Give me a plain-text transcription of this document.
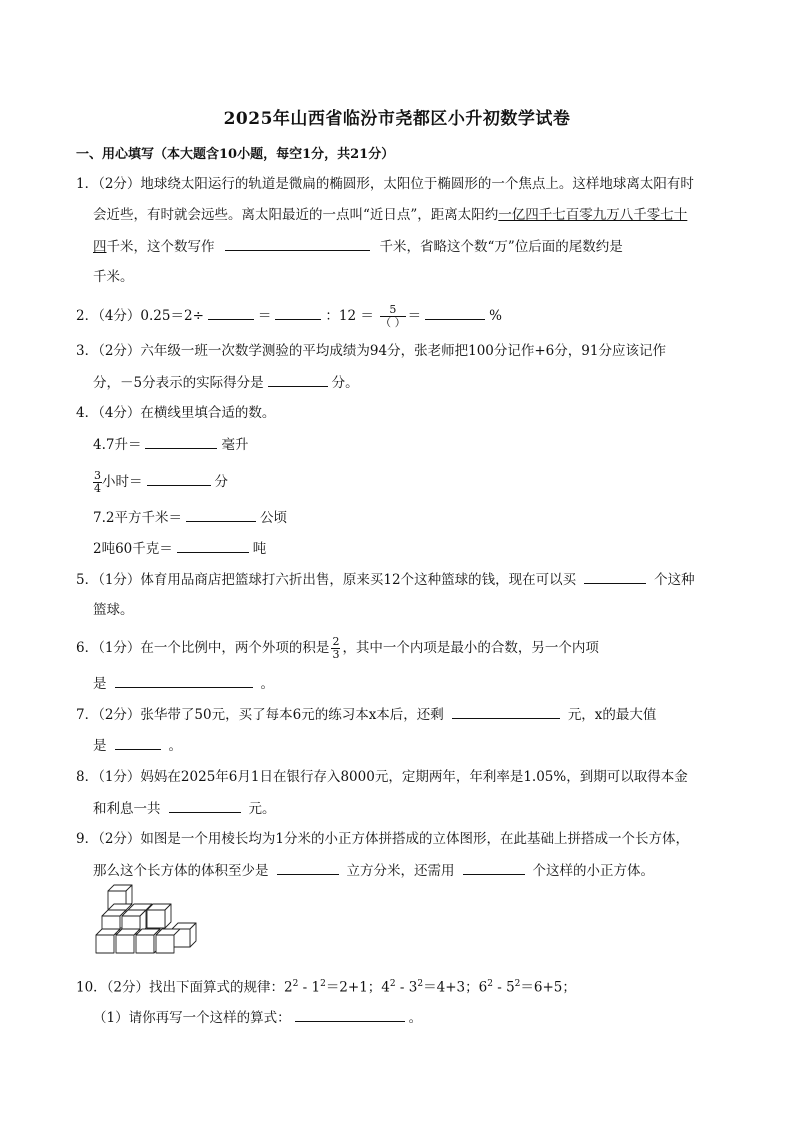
2025年山西省临汾市尧都区小升初数学试卷
一、用心填写（本大题含10小题，每空1分，共21分）
1．（2分）地球绕太阳运行的轨道是微扁的椭圆形，太阳位于椭圆形的一个焦点上。这样地球离太阳有时
会近些，有时就会远些。离太阳最近的一点叫“近日点”，距离太阳约一亿四千七百零九万八千零七十
四千米，这个数写作	千米，省略这个数“万”位后面的尾数约是
千米。
2．（4分）0.25＝2÷	＝	：$12 = \frac{5}{( )}$ ＝	%
3．（2分）六年级一班一次数学测验的平均成绩为94分，张老师把100分记作+6分，91分应该记作
分，－5分表示的实际得分是	分。
4．（4分）在横线里填合适的数。
4.7升＝	毫升
$\frac{3}{4}$ 小时＝	分
7.2平方千米＝	公顷
2吨60千克＝	吨
5．（1分）体育用品商店把篮球打六折出售，原来买12个这种篮球的钱，现在可以买	个这种
篮球。
6．（1分）在一个比例中，两个外项的积是 $\frac{2}{3}$ ，其中一个内项是最小的合数，另一个内项
是	。
7．（2分）张华带了50元，买了每本6元的练习本x本后，还剩	元，x的最大值
是	。
8．（1分）妈妈在2025年6月1日在银行存入8000元，定期两年，年利率是1.05%，到期可以取得本金
和利息一共	元。
9．（2分）如图是一个用棱长均为1分米的小正方体拼搭成的立体图形，在此基础上拼搭成一个长方体，
那么这个长方体的体积至少是	立方分米，还需用	个这样的小正方体。
10．（2分）找出下面算式的规律：$2^2 - 1^2=2+1$；$4^2 - 3^2=4+3$；$6^2 - 5^2=6+5$；
（1）请你再写一个这样的算式：	。
